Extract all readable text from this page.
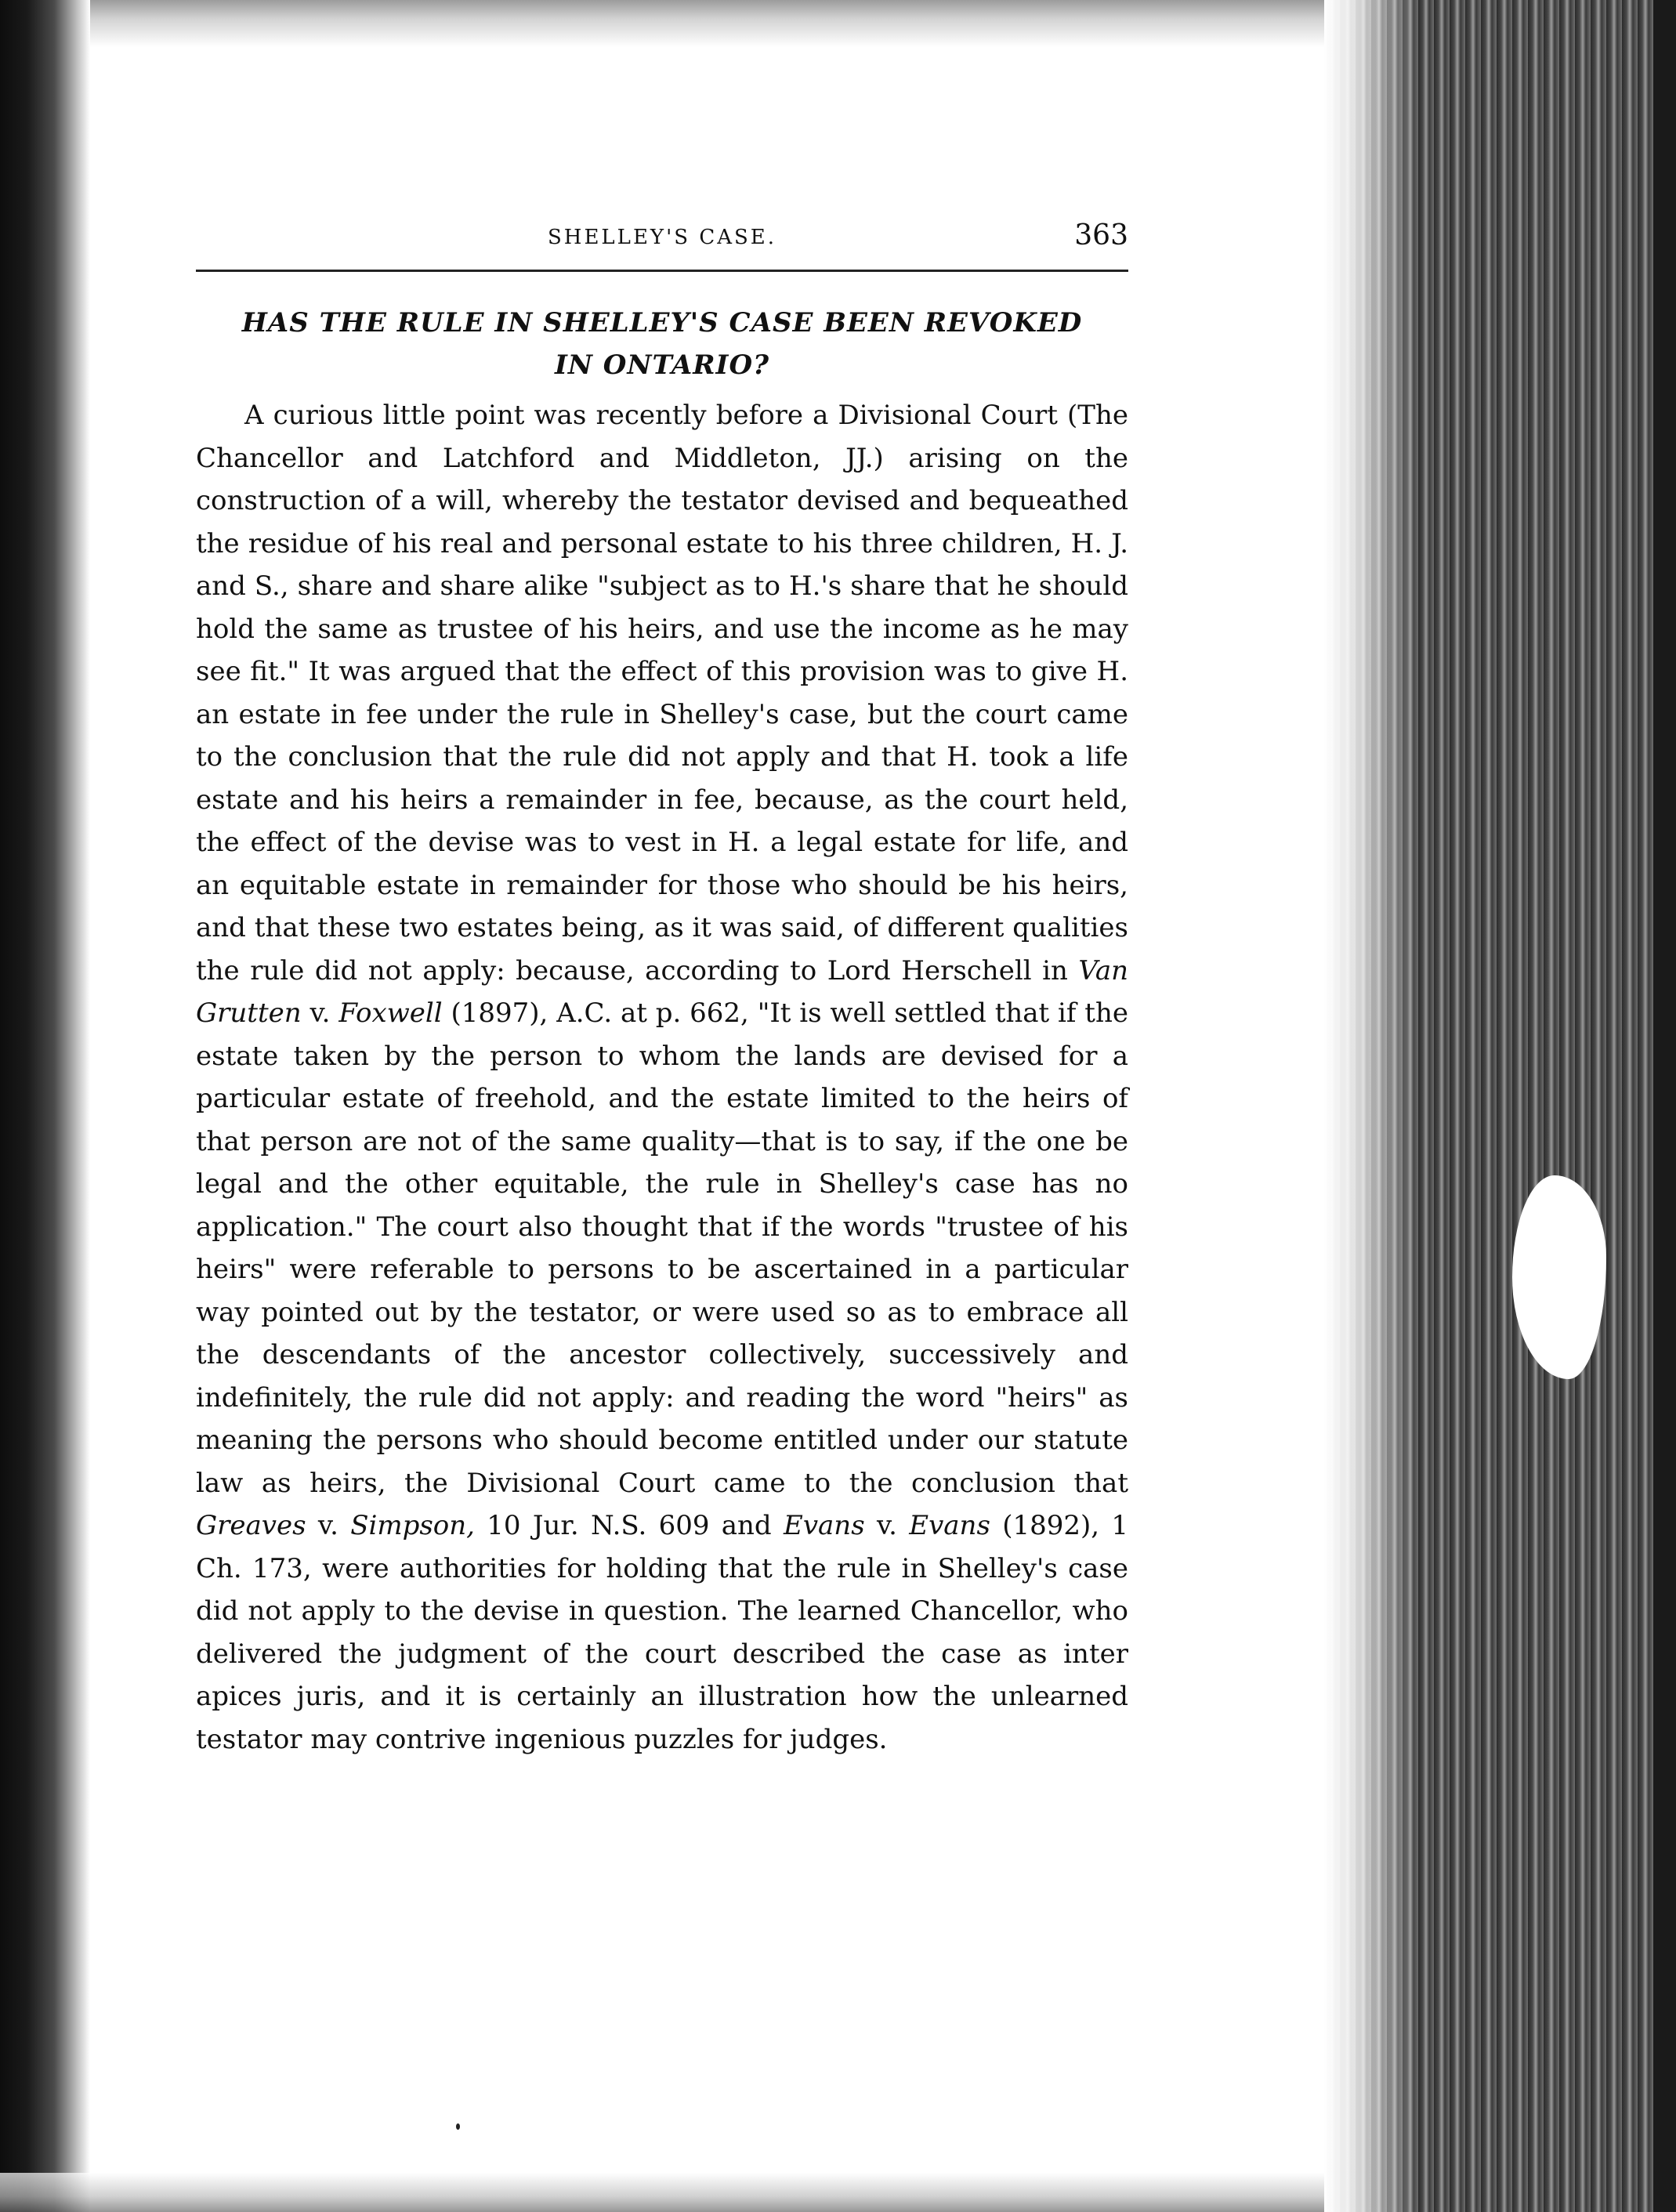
SHELLEY'S CASE.	363
HAS THE RULE IN SHELLEY'S CASE BEEN REVOKED
IN ONTARIO?

A curious little point was recently before a Divisional Court (The Chancellor and Latchford and Middleton, JJ.) arising on the construction of a will, whereby the testator devised and bequeathed the residue of his real and personal estate to his three children, H. J. and S., share and share alike "subject as to H.'s share that he should hold the same as trustee of his heirs, and use the income as he may see fit." It was argued that the effect of this provision was to give H. an estate in fee under the rule in Shelley's case, but the court came to the conclusion that the rule did not apply and that H. took a life estate and his heirs a remainder in fee, because, as the court held, the effect of the devise was to vest in H. a legal estate for life, and an equitable estate in remainder for those who should be his heirs, and that these two estates being, as it was said, of different qualities the rule did not apply: because, according to Lord Herschell in Van Grutten v. Foxwell (1897), A.C. at p. 662, "It is well settled that if the estate taken by the person to whom the lands are devised for a particular estate of freehold, and the estate limited to the heirs of that person are not of the same quality—that is to say, if the one be legal and the other equitable, the rule in Shelley's case has no application." The court also thought that if the words "trustee of his heirs" were referable to persons to be ascertained in a particular way pointed out by the testator, or were used so as to embrace all the descendants of the ancestor collectively, successively and indefinitely, the rule did not apply: and reading the word "heirs" as meaning the persons who should become entitled under our statute law as heirs, the Divisional Court came to the conclusion that Greaves v. Simpson, 10 Jur. N.S. 609 and Evans v. Evans (1892), 1 Ch. 173, were authorities for holding that the rule in Shelley's case did not apply to the devise in question. The learned Chancellor, who delivered the judgment of the court described the case as inter apices juris, and it is certainly an illustration how the unlearned testator may contrive ingenious puzzles for judges.
